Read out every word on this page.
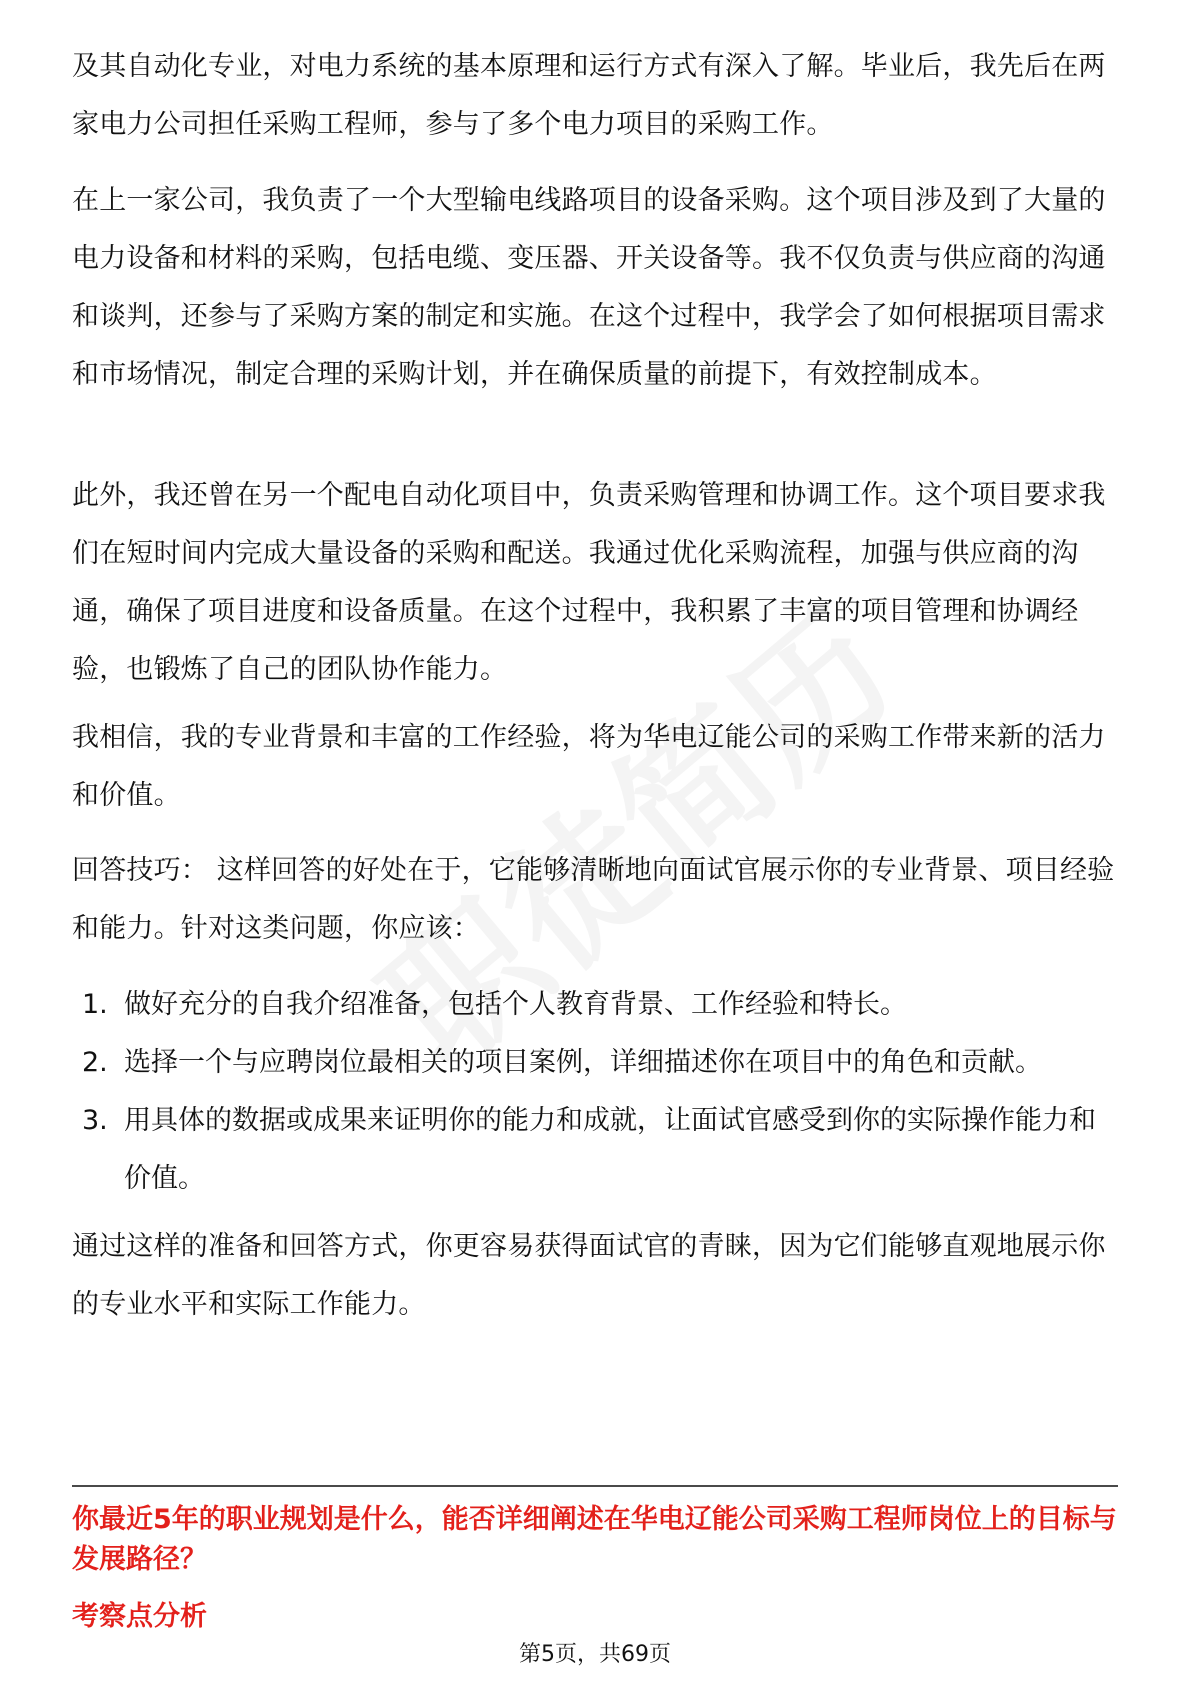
及其自动化专业，对电力系统的基本原理和运行方式有深入了解。毕业后，我先后在两家电力公司担任采购工程师，参与了多个电力项目的采购工作。

在上一家公司，我负责了一个大型输电线路项目的设备采购。这个项目涉及到了大量的电力设备和材料的采购，包括电缆、变压器、开关设备等。我不仅负责与供应商的沟通和谈判，还参与了采购方案的制定和实施。在这个过程中，我学会了如何根据项目需求和市场情况，制定合理的采购计划，并在确保质量的前提下，有效控制成本。

此外，我还曾在另一个配电自动化项目中，负责采购管理和协调工作。这个项目要求我们在短时间内完成大量设备的采购和配送。我通过优化采购流程，加强与供应商的沟通，确保了项目进度和设备质量。在这个过程中，我积累了丰富的项目管理和协调经验，也锻炼了自己的团队协作能力。

我相信，我的专业背景和丰富的工作经验，将为华电辽能公司的采购工作带来新的活力和价值。

回答技巧： 这样回答的好处在于，它能够清晰地向面试官展示你的专业背景、项目经验和能力。针对这类问题，你应该：

1. 做好充分的自我介绍准备，包括个人教育背景、工作经验和特长。
2. 选择一个与应聘岗位最相关的项目案例，详细描述你在项目中的角色和贡献。
3. 用具体的数据或成果来证明你的能力和成就，让面试官感受到你的实际操作能力和价值。

通过这样的准备和回答方式，你更容易获得面试官的青睐，因为它们能够直观地展示你的专业水平和实际工作能力。

你最近5年的职业规划是什么，能否详细阐述在华电辽能公司采购工程师岗位上的目标与发展路径？

考察点分析

第5页，共69页
